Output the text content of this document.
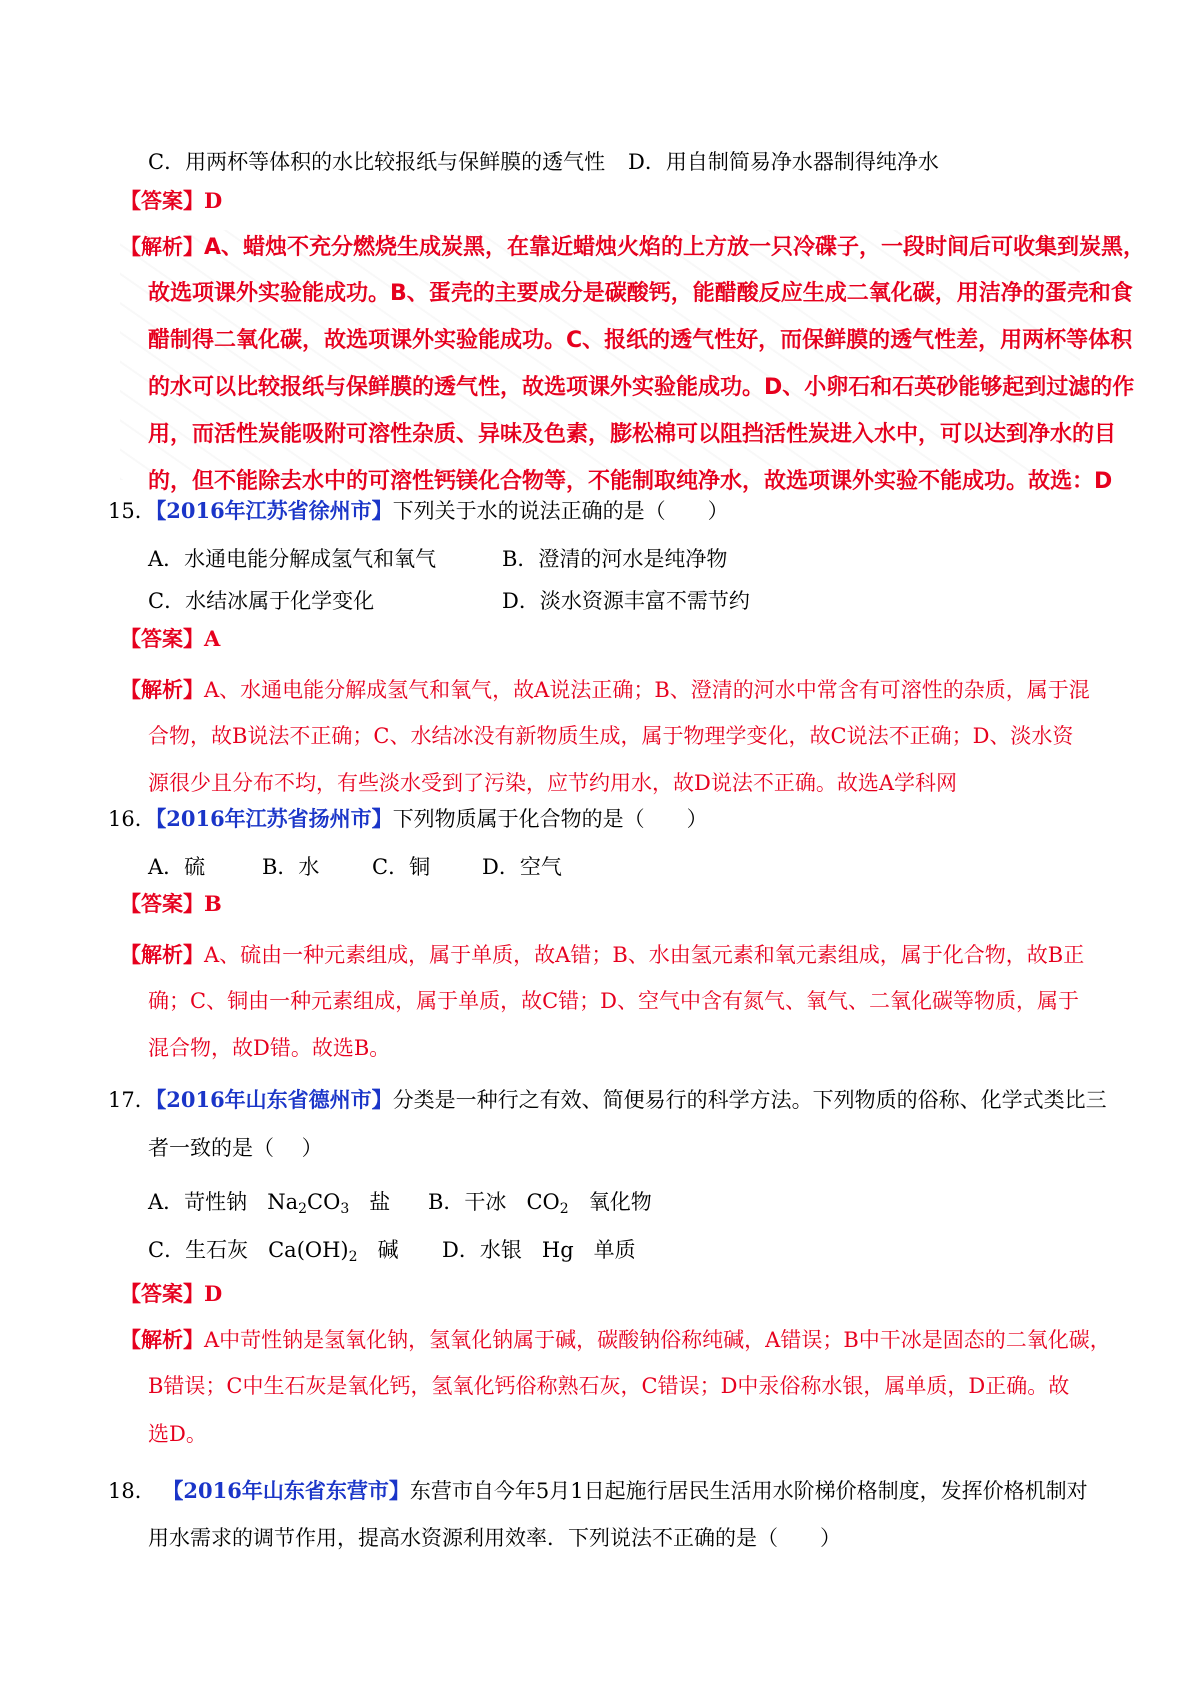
C．用两杯等体积的水比较报纸与保鲜膜的透气性 D．用自制简易净水器制得纯净水
【答案】D
【解析】A、蜡烛不充分燃烧生成炭黑，在靠近蜡烛火焰的上方放一只冷碟子，一段时间后可收集到炭黑，
故选项课外实验能成功。B、蛋壳的主要成分是碳酸钙，能醋酸反应生成二氧化碳，用洁净的蛋壳和食
醋制得二氧化碳，故选项课外实验能成功。C、报纸的透气性好，而保鲜膜的透气性差，用两杯等体积
的水可以比较报纸与保鲜膜的透气性，故选项课外实验能成功。D、小卵石和石英砂能够起到过滤的作
用，而活性炭能吸附可溶性杂质、异味及色素，膨松棉可以阻挡活性炭进入水中，可以达到净水的目
的，但不能除去水中的可溶性钙镁化合物等，不能制取纯净水，故选项课外实验不能成功。故选：D
15．【2016年江苏省徐州市】下列关于水的说法正确的是（　　）
A．水通电能分解成氢气和氧气	B．澄清的河水是纯净物
C．水结冰属于化学变化	D．淡水资源丰富不需节约
【答案】A
【解析】A、水通电能分解成氢气和氧气，故A说法正确；B、澄清的河水中常含有可溶性的杂质，属于混
合物，故B说法不正确；C、水结冰没有新物质生成，属于物理学变化，故C说法不正确；D、淡水资
源很少且分布不均，有些淡水受到了污染，应节约用水，故D说法不正确。故选A学科网
16．【2016年江苏省扬州市】下列物质属于化合物的是（　　）
A．硫	B．水	C．铜 D．空气
【答案】B
【解析】A、硫由一种元素组成，属于单质，故A错；B、水由氢元素和氧元素组成，属于化合物，故B正
确；C、铜由一种元素组成，属于单质，故C错；D、空气中含有氮气、氧气、二氧化碳等物质，属于
混合物，故D错。故选B。
17．【2016年山东省德州市】分类是一种行之有效、简便易行的科学方法。下列物质的俗称、化学式类比三
者一致的是（　 ）
A．苛性钠 $Na_2CO_3$ 盐 B．干冰 $CO_2$ 氧化物
C．生石灰 $Ca(OH)_2$ 碱 D．水银 Hg 单质
【答案】D
【解析】A中苛性钠是氢氧化钠，氢氧化钠属于碱，碳酸钠俗称纯碱，A错误；B中干冰是固态的二氧化碳，
B错误；C中生石灰是氧化钙，氢氧化钙俗称熟石灰，C错误；D中汞俗称水银，属单质，D正确。故
选D。
18． 【2016年山东省东营市】东营市自今年5月1日起施行居民生活用水阶梯价格制度，发挥价格机制对
用水需求的调节作用，提高水资源利用效率．下列说法不正确的是（　　）
